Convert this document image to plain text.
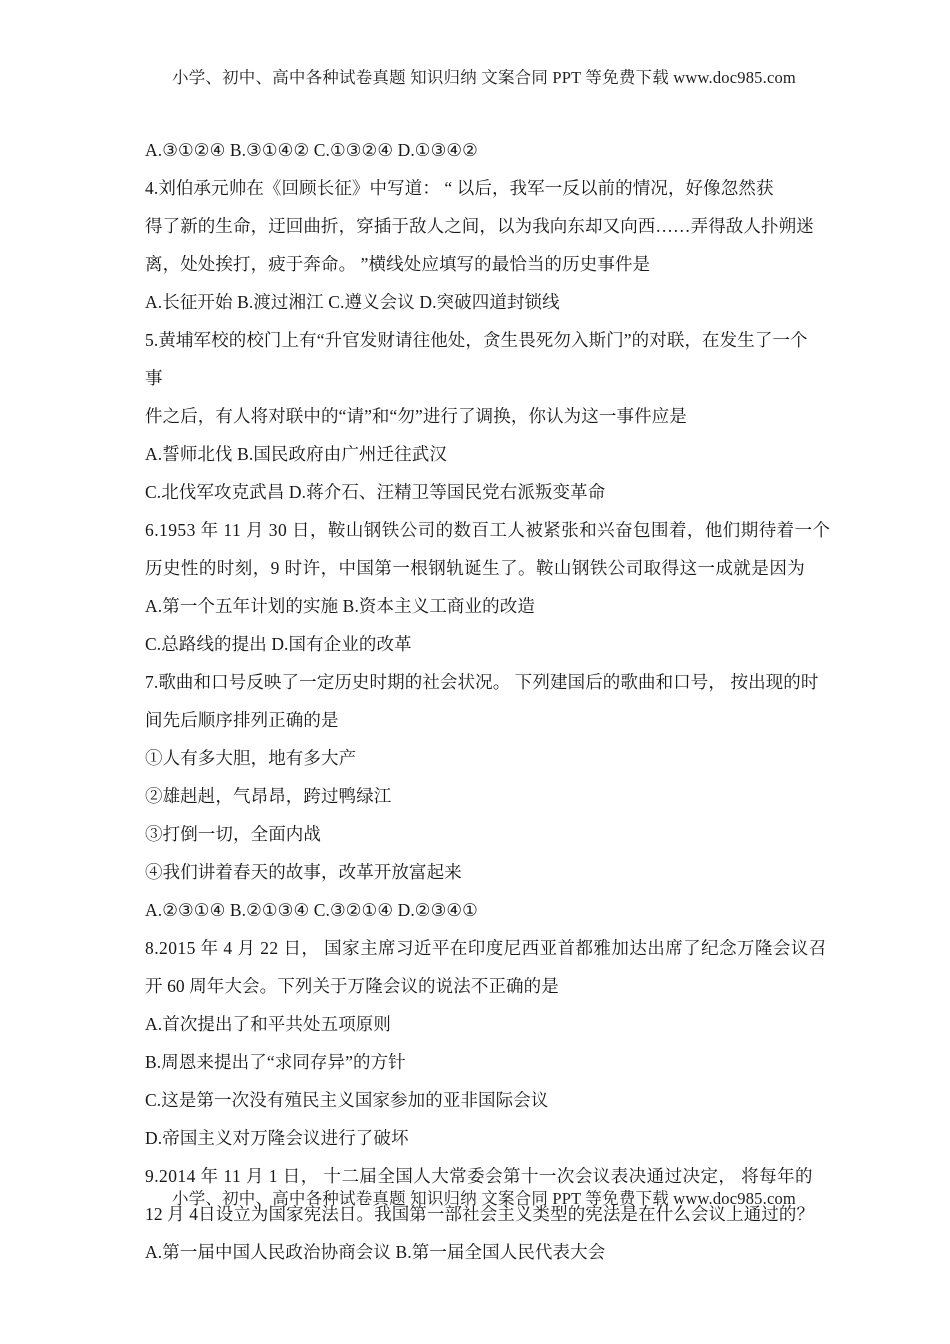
小学、初中、高中各种试卷真题 知识归纳 文案合同 PPT 等免费下载 www.doc985.com
A.③①②④ B.③①④② C.①③②④ D.①③④②
4.刘伯承元帅在《回顾长征》中写道： “ 以后，我军一反以前的情况，好像忽然获
得了新的生命，迂回曲折，穿插于敌人之间，以为我向东却又向西……弄得敌人扑朔迷
离，处处挨打，疲于奔命。 ”横线处应填写的最恰当的历史事件是
A.长征开始 B.渡过湘江 C.遵义会议 D.突破四道封锁线
5.黄埔军校的校门上有“升官发财请往他处，贪生畏死勿入斯门”的对联，在发生了一个
事
件之后，有人将对联中的“请”和“勿”进行了调换，你认为这一事件应是
A.誓师北伐 B.国民政府由广州迁往武汉
C.北伐军攻克武昌 D.蒋介石、汪精卫等国民党右派叛变革命
6.1953 年 11 月 30 日，鞍山钢铁公司的数百工人被紧张和兴奋包围着，他们期待着一个
历史性的时刻，9 时许，中国第一根钢轨诞生了。鞍山钢铁公司取得这一成就是因为
A.第一个五年计划的实施 B.资本主义工商业的改造
C.总路线的提出 D.国有企业的改革
7.歌曲和口号反映了一定历史时期的社会状况。 下列建国后的歌曲和口号， 按出现的时
间先后顺序排列正确的是
①人有多大胆，地有多大产
②雄赳赳，气昂昂，跨过鸭绿江
③打倒一切，全面内战
④我们讲着春天的故事，改革开放富起来
A.②③①④ B.②①③④ C.③②①④ D.②③④①
8.2015 年 4 月 22 日， 国家主席习近平在印度尼西亚首都雅加达出席了纪念万隆会议召
开 60 周年大会。下列关于万隆会议的说法不正确的是
A.首次提出了和平共处五项原则
B.周恩来提出了“求同存异”的方针
C.这是第一次没有殖民主义国家参加的亚非国际会议
D.帝国主义对万隆会议进行了破坏
9.2014 年 11 月 1 日， 十二届全国人大常委会第十一次会议表决通过决定， 将每年的
12 月 4日设立为国家宪法日。我国第一部社会主义类型的宪法是在什么会议上通过的？
A.第一届中国人民政治协商会议 B.第一届全国人民代表大会
小学、初中、高中各种试卷真题 知识归纳 文案合同 PPT 等免费下载 www.doc985.com
